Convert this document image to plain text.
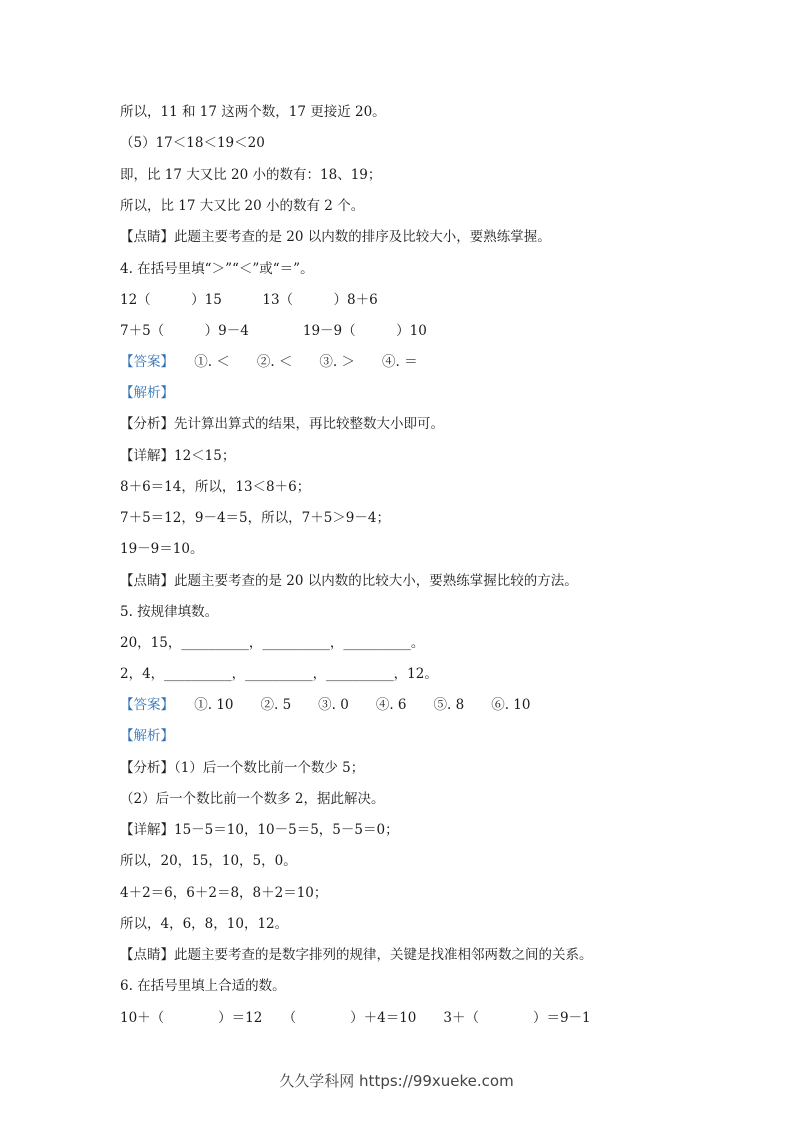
所以，11 和 17 这两个数，17 更接近 20。
（5）17＜18＜19＜20
即，比 17 大又比 20 小的数有：18、19；
所以，比 17 大又比 20 小的数有 2 个。
【点睛】此题主要考查的是 20 以内数的排序及比较大小，要熟练掌握。
4. 在括号里填“＞”“＜”或“＝”。
12（　　　）15　　　13（　　　）8＋6
7＋5（　　　）9－4　　　　19－9（　　　）10
【答案】　　①. ＜　　②. ＜　　③. ＞　　④. ＝
【解析】
【分析】先计算出算式的结果，再比较整数大小即可。
【详解】12＜15；
8＋6＝14，所以，13＜8＋6；
7＋5＝12，9－4＝5，所以，7＋5＞9－4；
19－9＝10。
【点睛】此题主要考查的是 20 以内数的比较大小，要熟练掌握比较的方法。
5. 按规律填数。
20，15，__________，__________，__________。
2，4，__________，__________，__________，12。
【答案】　　①. 10　　②. 5　　③. 0　　④. 6　　⑤. 8　　⑥. 10
【解析】
【分析】（1）后一个数比前一个数少 5；
（2）后一个数比前一个数多 2，据此解决。
【详解】15－5＝10，10－5＝5，5－5＝0；
所以，20，15，10，5，0。
4＋2＝6，6＋2＝8，8＋2＝10；
所以，4，6，8，10，12。
【点睛】此题主要考查的是数字排列的规律，关键是找准相邻两数之间的关系。
6. 在括号里填上合适的数。
10＋（　　　　）＝12　　（　　　　）＋4＝10　　3＋（　　　　）＝9－1
久久学科网 https://99xueke.com
